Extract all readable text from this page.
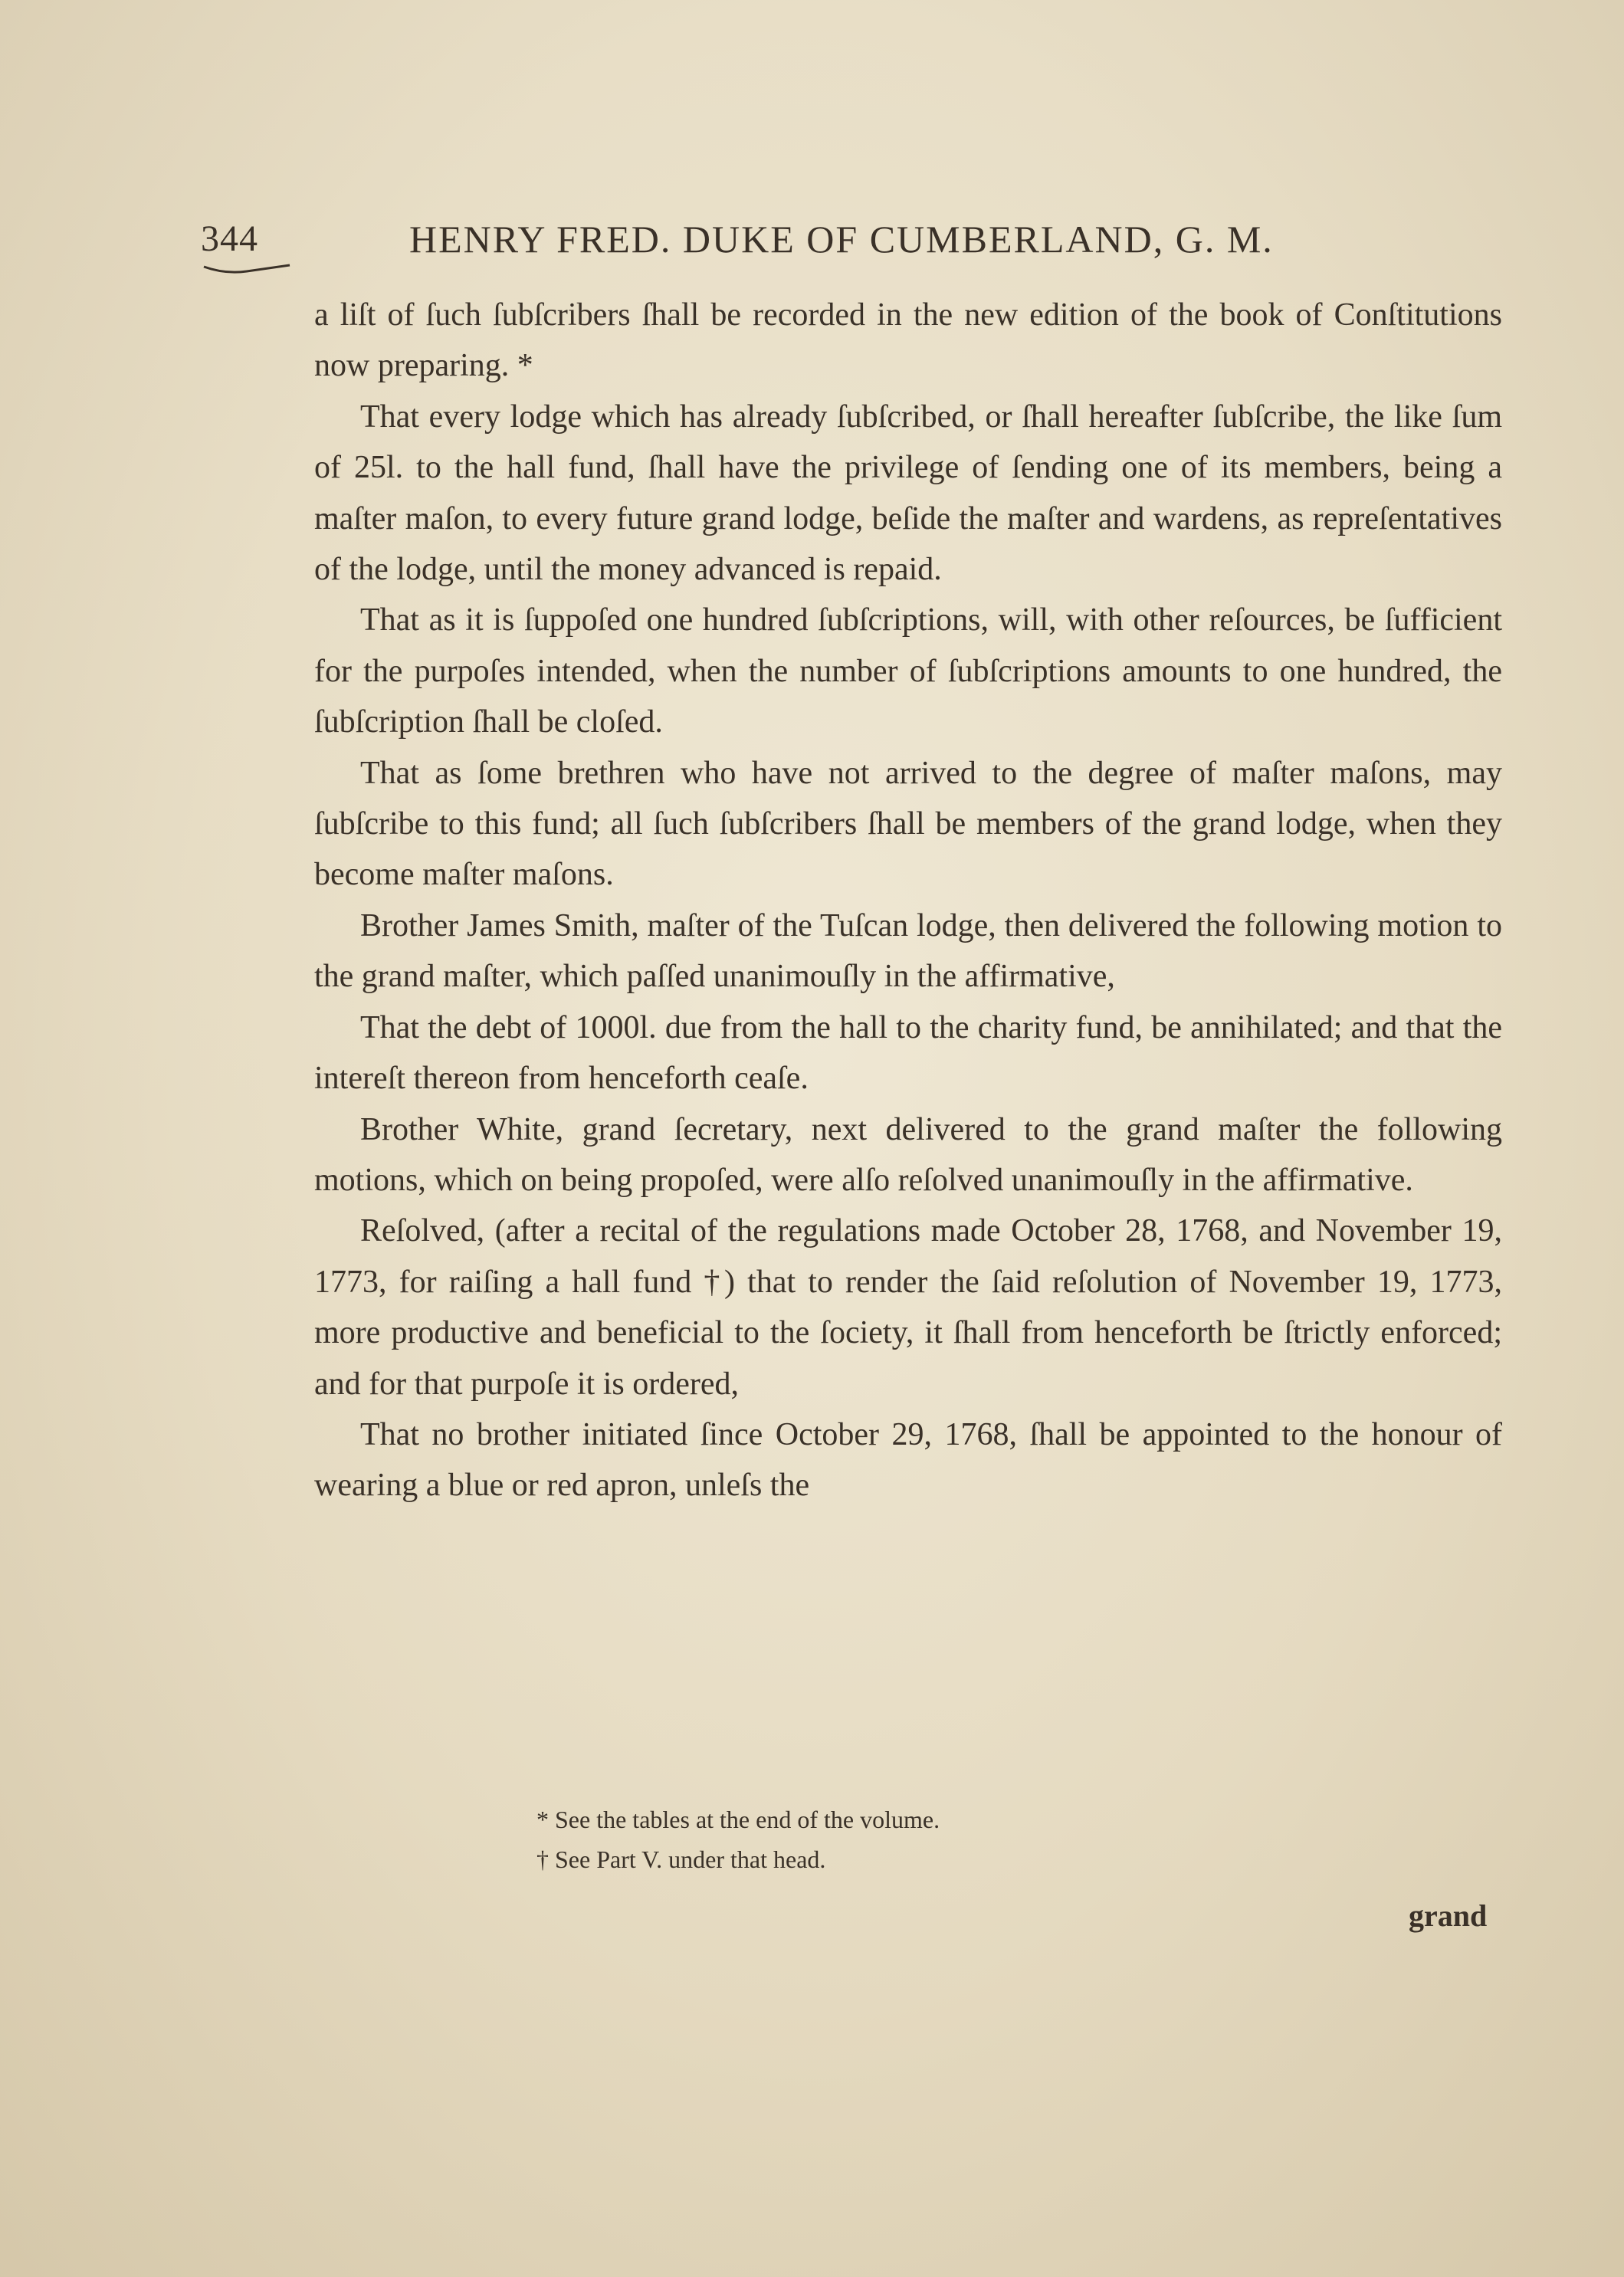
344	HENRY FRED. DUKE OF CUMBERLAND, G. M.

a liſt of ſuch ſubſcribers ſhall be recorded in the new edition of the book of Conſtitutions now preparing. *

That every lodge which has already ſubſcribed, or ſhall hereafter ſubſcribe, the like ſum of 25l. to the hall fund, ſhall have the privilege of ſending one of its members, being a maſter maſon, to every future grand lodge, beſide the maſter and wardens, as repreſentatives of the lodge, until the money advanced is repaid.

That as it is ſuppoſed one hundred ſubſcriptions, will, with other reſources, be ſufficient for the purpoſes intended, when the number of ſubſcriptions amounts to one hundred, the ſubſcription ſhall be cloſed.

That as ſome brethren who have not arrived to the degree of maſter maſons, may ſubſcribe to this fund; all ſuch ſubſcribers ſhall be members of the grand lodge, when they become maſter maſons.

Brother James Smith, maſter of the Tuſcan lodge, then delivered the following motion to the grand maſter, which paſſed unanimouſly in the affirmative,

That the debt of 1000l. due from the hall to the charity fund, be annihilated; and that the intereſt thereon from henceforth ceaſe.

Brother White, grand ſecretary, next delivered to the grand maſter the following motions, which on being propoſed, were alſo reſolved unanimouſly in the affirmative.

Reſolved, (after a recital of the regulations made October 28, 1768, and November 19, 1773, for raiſing a hall fund †) that to render the ſaid reſolution of November 19, 1773, more productive and beneficial to the ſociety, it ſhall from henceforth be ſtrictly enforced; and for that purpoſe it is ordered,

That no brother initiated ſince October 29, 1768, ſhall be appointed to the honour of wearing a blue or red apron, unleſs the

* See the tables at the end of the volume.
† See Part V. under that head.
grand
